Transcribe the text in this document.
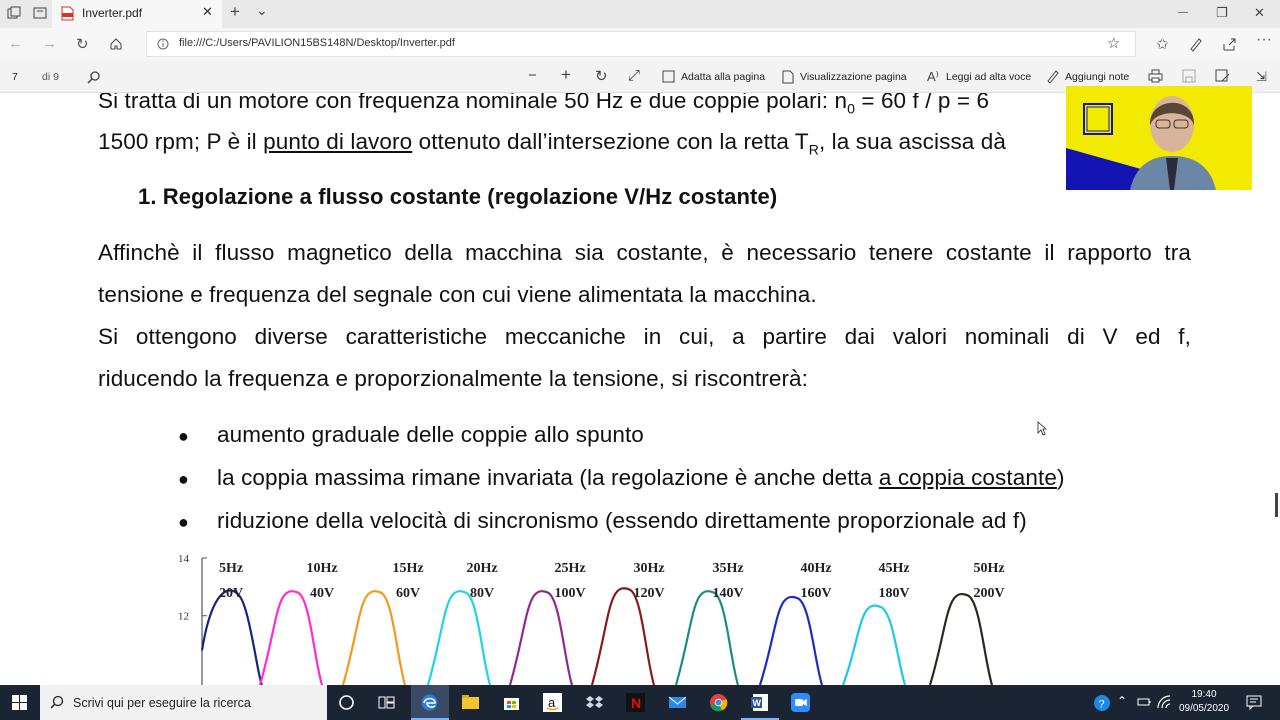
Inverter.pdf	✕ + ⌄	— ❐ ✕
← → ↻	file:///C:/Users/PAVILION15BS148N/Desktop/Inverter.pdf	☆ ✩	···
7 di 9	− + ↻ ⤢	Adatta alla pagina	Visualizzazione pagina A⁾ Leggi ad alta voce	Aggiungi note	⇲
Si tratta di un motore con frequenza nominale 50 Hz e due coppie polari: $n_0 = 60$ f / p = 6
1500 rpm; P è il punto di lavoro ottenuto dall’intersezione con la retta $T_R$, la sua ascissa dà
1. Regolazione a flusso costante (regolazione V/Hz costante)
Affinchè il flusso magnetico della macchina sia costante, è necessario tenere costante il rapporto tra
tensione e frequenza del segnale con cui viene alimentata la macchina.
Si ottengono diverse caratteristiche meccaniche in cui, a partire dai valori nominali di V ed f,
riducendo la frequenza e proporzionalmente la tensione, si riscontrerà:
● aumento graduale delle coppie allo spunto
● la coppia massima rimane invariata (la regolazione è anche detta a coppia costante)
● riduzione della velocità di sincronismo (essendo direttamente proporzionale ad f)
14
12
5Hz
20V
10Hz
40V
15Hz
60V
20Hz
80V
25Hz
100V
30Hz
120V
35Hz
140V
40Hz
160V
45Hz
180V
50Hz
200V
Scrivi qui per eseguire la ricerca	a	N	W	? ⌃	19:40
09/05/2020
